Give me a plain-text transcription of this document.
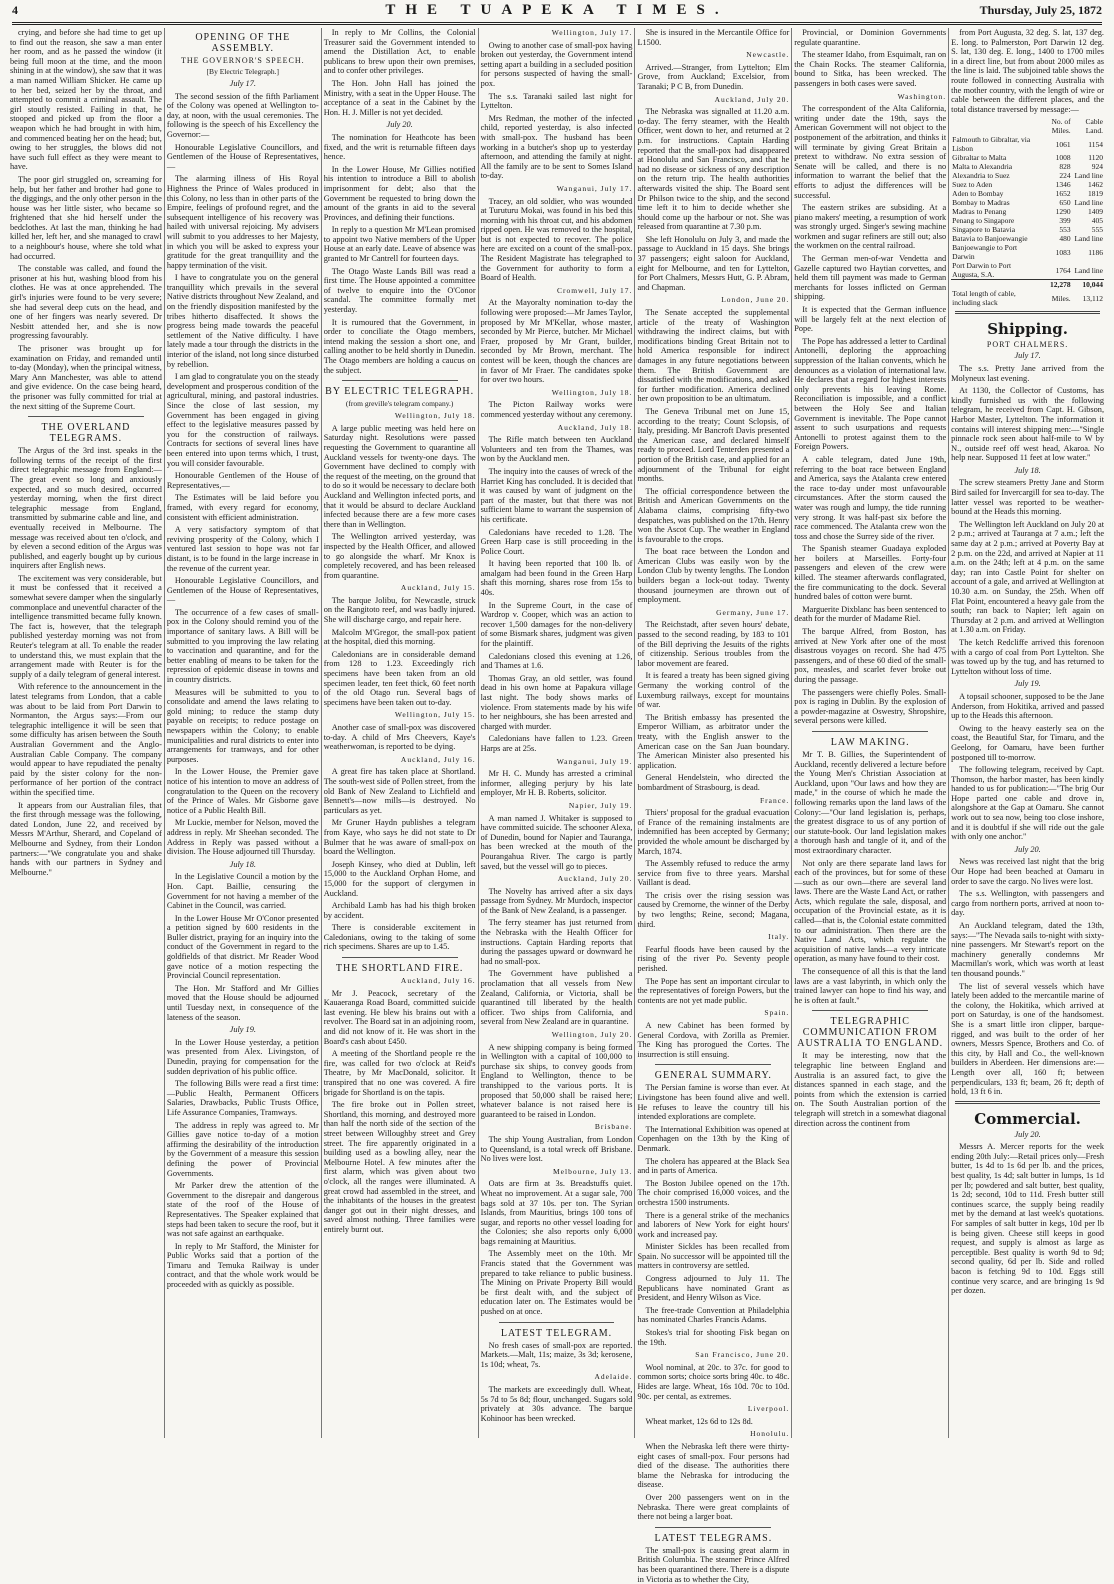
4	THE TUAPEKA TIMES.	Thursday, July 25, 1872

crying, and before she had time to get up to find out the reason, she saw a man enter her room, and as he passed the window (it being full moon at the time, and the moon shining in at the window), she saw that it was a man named William Shicker. He came up to her bed, seized her by the throat, and attempted to commit a criminal assault. The girl stoutly resisted. Failing in that, he stooped and picked up from the floor a weapon which he had brought in with him, and commenced beating her on the head; but, owing to her struggles, the blows did not have such full effect as they were meant to have.

The poor girl struggled on, screaming for help, but her father and brother had gone to the diggings, and the only other person in the house was her little sister, who became so frightened that she hid herself under the bedclothes. At last the man, thinking he had killed her, left her, and she managed to crawl to a neighbour's house, where she told what had occurred.

The constable was called, and found the prisoner at his hut, washing blood from his clothes. He was at once apprehended. The girl's injuries were found to be very severe; she had several deep cuts on the head, and one of her fingers was nearly severed. Dr Nesbitt attended her, and she is now progressing favourably.

The prisoner was brought up for examination on Friday, and remanded until to-day (Monday), when the principal witness, Mary Ann Manchester, was able to attend and give evidence. On the case being heard, the prisoner was fully committed for trial at the next sitting of the Supreme Court.

THE OVERLAND TELEGRAMS.

The Argus of the 3rd inst. speaks in the following terms of the receipt of the first direct telegraphic message from England:—The great event so long and anxiously expected, and so much desired, occurred yesterday morning, when the first direct telegraphic message from England, transmitted by submarine cable and line, and eventually received in Melbourne. The message was received about ten o'clock, and by eleven a second edition of the Argus was published, and eagerly bought up by curious inquirers after English news.

The excitement was very considerable, but it must be confessed that it received a somewhat severe damper when the singularly commonplace and uneventful character of the intelligence transmitted became fully known. The fact is, however, that the telegraph published yesterday morning was not from Reuter's telegram at all. To enable the reader to understand this, we must explain that the arrangement made with Reuter is for the supply of a daily telegram of general interest.

With reference to the announcement in the latest telegrams from London, that a cable was about to be laid from Port Darwin to Normanton, the Argus says:—From our telegraphic intelligence it will be seen that some difficulty has arisen between the South Australian Government and the Anglo-Australian Cable Company. The company would appear to have repudiated the penalty paid by the sister colony for the non-performance of her portion of the contract within the specified time.

It appears from our Australian files, that the first through message was the following, dated London, June 22, and received by Messrs M'Arthur, Sherard, and Copeland of Melbourne and Sydney, from their London partners:—"We congratulate you and shake hands with our partners in Sydney and Melbourne."

OPENING OF THE ASSEMBLY.
THE GOVERNOR'S SPEECH.
[By Electric Telegraph.]

July 17.

The second session of the fifth Parliament of the Colony was opened at Wellington to-day, at noon, with the usual ceremonies. The following is the speech of his Excellency the Governor:—

Honourable Legislative Councillors, and Gentlemen of the House of Representatives,—

The alarming illness of His Royal Highness the Prince of Wales produced in this Colony, no less than in other parts of the Empire, feelings of profound regret, and the subsequent intelligence of his recovery was hailed with universal rejoicing. My advisers will submit to you addresses to her Majesty, in which you will be asked to express your gratitude for the great tranquillity and the happy termination of the visit.

I have to congratulate you on the general tranquillity which prevails in the several Native districts throughout New Zealand, and on the friendly disposition manifested by the tribes hitherto disaffected. It shows the progress being made towards the peaceful settlement of the Native difficulty. I have lately made a tour through the districts in the interior of the island, not long since disturbed by rebellion.

I am glad to congratulate you on the steady development and prosperous condition of the agricultural, mining, and pastoral industries. Since the close of last session, my Government has been engaged in giving effect to the legislative measures passed by you for the construction of railways. Contracts for sections of several lines have been entered into upon terms which, I trust, you will consider favourable.

Honourable Gentlemen of the House of Representatives,—

The Estimates will be laid before you framed, with every regard for economy, consistent with efficient administration.

A very satisfactory symptom of that reviving prosperity of the Colony, which I ventured last session to hope was not far distant, is to be found in the large increase in the revenue of the current year.

Honourable Legislative Councillors, and Gentlemen of the House of Representatives,—

The occurrence of a few cases of small-pox in the Colony should remind you of the importance of sanitary laws. A Bill will be submitted to you improving the law relating to vaccination and quarantine, and for the better enabling of means to be taken for the repression of epidemic disease in towns and in country districts.

Measures will be submitted to you to consolidate and amend the laws relating to gold mining; to reduce the stamp duty payable on receipts; to reduce postage on newspapers within the Colony; to enable municipalities and rural districts to enter into arrangements for tramways, and for other purposes.

In the Lower House, the Premier gave notice of his intention to move an address of congratulation to the Queen on the recovery of the Prince of Wales. Mr Gisborne gave notice of a Public Health Bill.

Mr Luckie, member for Nelson, moved the address in reply. Mr Sheehan seconded. The Address in Reply was passed without a division. The House adjourned till Thursday.

July 18.

In the Legislative Council a motion by the Hon. Capt. Baillie, censuring the Government for not having a member of the Cabinet in the Council, was carried.

In the Lower House Mr O'Conor presented a petition signed by 600 residents in the Buller district, praying for an inquiry into the conduct of the Government in regard to the goldfields of that district. Mr Reader Wood gave notice of a motion respecting the Provincial Council representation.

The Hon. Mr Stafford and Mr Gillies moved that the House should be adjourned until Tuesday next, in consequence of the lateness of the season.

July 19.

In the Lower House yesterday, a petition was presented from Alex. Livingston, of Dunedin, praying for compensation for the sudden deprivation of his public office.

The following Bills were read a first time:—Public Health, Permanent Officers Salaries, Drawbacks, Public Trusts Office, Life Assurance Companies, Tramways.

The address in reply was agreed to. Mr Gillies gave notice to-day of a motion affirming the desirability of the introduction by the Government of a measure this session defining the power of Provincial Governments.

Mr Parker drew the attention of the Government to the disrepair and dangerous state of the roof of the House of Representatives. The Speaker explained that steps had been taken to secure the roof, but it was not safe against an earthquake.

In reply to Mr Stafford, the Minister for Public Works said that a portion of the Timaru and Temuka Railway is under contract, and that the whole work would be proceeded with as quickly as possible.

In reply to Mr Collins, the Colonial Treasurer said the Government intended to amend the Distillation Act, to enable publicans to brew upon their own premises, and to confer other privileges.

The Hon. John Hall has joined the Ministry, with a seat in the Upper House. The acceptance of a seat in the Cabinet by the Hon. H. J. Miller is not yet decided.

July 20.

The nomination for Heathcote has been fixed, and the writ is returnable fifteen days hence.

In the Lower House, Mr Gillies notified his intention to introduce a Bill to abolish imprisonment for debt; also that the Government be requested to bring down the amount of the grants in aid to the several Provinces, and defining their functions.

In reply to a question Mr M'Lean promised to appoint two Native members of the Upper House at an early date. Leave of absence was granted to Mr Cantrell for fourteen days.

The Otago Waste Lands Bill was read a first time. The House appointed a committee of twelve to enquire into the O'Conor scandal. The committee formally met yesterday.

It is rumoured that the Government, in order to conciliate the Otago members, intend making the session a short one, and calling another to be held shortly in Dunedin. The Otago members are holding a caucus on the subject.

BY ELECTRIC TELEGRAPH.
(from greville's telegram company.)

Wellington, July 18.

A large public meeting was held here on Saturday night. Resolutions were passed requesting the Government to quarantine all Auckland vessels for twenty-one days. The Government have declined to comply with the request of the meeting, on the ground that to do so it would be necessary to declare both Auckland and Wellington infected ports, and that it would be absurd to declare Auckland infected because there are a few more cases there than in Wellington.

The Wellington arrived yesterday, was inspected by the Health Officer, and allowed to go alongside the wharf. Mr Knox is completely recovered, and has been released from quarantine.

Auckland, July 15.

The barque Jolibu, for Newcastle, struck on the Rangitoto reef, and was badly injured. She will discharge cargo, and repair here.

Malcolm M'Gregor, the small-pox patient at the hospital, died this morning.

Caledonians are in considerable demand from 128 to 1.23. Exceedingly rich specimens have been taken from an old specimen leader, ten feet thick, 60 feet north of the old Otago run. Several bags of specimens have been taken out to-day.

Wellington, July 15.

Another case of small-pox was discovered to-day. A child of Mrs Cheevers, Kaye's weatherwoman, is reported to be dying.

Auckland, July 16.

A great fire has taken place at Shortland. The south-west side of Pollen street, from the old Bank of New Zealand to Lichfield and Bennett's—now mills—is destroyed. No particulars as yet.

Mr Gruner Haydn publishes a telegram from Kaye, who says he did not state to Dr Bulmer that he was aware of small-pox on board the Wellington.

Joseph Kinsey, who died at Dublin, left 15,000 to the Auckland Orphan Home, and 15,000 for the support of clergymen in Auckland.

Archibald Lamb has had his thigh broken by accident.

There is considerable excitement in Caledonians, owing to the taking of some rich specimens. Shares are up to 1.45.

THE SHORTLAND FIRE.

Auckland, July 16.

Mr J. Peacock, secretary of the Kauaeranga Road Board, committed suicide last evening. He blew his brains out with a revolver. The Board sat in an adjoining room, and did not know of it. He was short in the Board's cash about £450.

A meeting of the Shortland people re the fire, was called for two o'clock at Reid's Theatre, by Mr MacDonald, solicitor. It transpired that no one was covered. A fire brigade for Shortland is on the tapis.

The fire broke out in Pollen street, Shortland, this morning, and destroyed more than half the north side of the section of the street between Willoughby street and Grey street. The fire apparently originated in a building used as a bowling alley, near the Melbourne Hotel. A few minutes after the first alarm, which was given about two o'clock, all the ranges were illuminated. A great crowd had assembled in the street, and the inhabitants of the houses in the greatest danger got out in their night dresses, and saved almost nothing. Three families were entirely burnt out.

Wellington, July 17.

Owing to another case of small-pox having broken out yesterday, the Government intend setting apart a building in a secluded position for persons suspected of having the small-pox.

The s.s. Taranaki sailed last night for Lyttelton.

Mrs Redman, the mother of the infected child, reported yesterday, is also infected with small-pox. The husband has been working in a butcher's shop up to yesterday afternoon, and attending the family at night. All the family are to be sent to Somes Island to-day.

Wanganui, July 17.

Tracey, an old soldier, who was wounded at Turuturu Mokai, was found in his bed this morning with his throat cut, and his abdomen ripped open. He was removed to the hospital, but is not expected to recover. The police here are excited on a count of the small-pox. The Resident Magistrate has telegraphed to the Government for authority to form a Board of Health.

Cromwell, July 17.

At the Mayoralty nomination to-day the following were proposed:—Mr James Taylor, proposed by Mr M'Kellar, whose master, seconded by Mr Pierce, butcher. Mr Michael Fraer, proposed by Mr Grant, builder, seconded by Mr Brown, merchant. The contest will be keen, though the chances are in favor of Mr Fraer. The candidates spoke for over two hours.

Wellington, July 18.

The Picton Railway works were commenced yesterday without any ceremony.

Auckland, July 18.

The Rifle match between ten Auckland Volunteers and ten from the Thames, was won by the Auckland men.

The inquiry into the causes of wreck of the Harriet King has concluded. It is decided that it was caused by want of judgment on the part of the master, but that there was not sufficient blame to warrant the suspension of his certificate.

Caledonians have receded to 1.28. The Green Harp case is still proceeding in the Police Court.

It having been reported that 100 lb. of amalgam had been found in the Green Harp shaft this morning, shares rose from 15s to 40s.

In the Supreme Court, in the case of Wardrop v. Cooper, which was an action to recover 1,500 damages for the non-delivery of some Bismark shares, judgment was given for the plaintiff.

Caledonians closed this evening at 1.26, and Thames at 1.6.

Thomas Gray, an old settler, was found dead in his own home at Papakura village last night. The body shows marks of violence. From statements made by his wife to her neighbours, she has been arrested and charged with murder.

Caledonians have fallen to 1.23. Green Harps are at 25s.

Wanganui, July 19.

Mr H. C. Mundy has arrested a criminal informer, alleging perjury by his late employer, Mr H. B. Roberts, solicitor.

Napier, July 19.

A man named J. Whitaker is supposed to have committed suicide. The schooner Alexa, of Dunedin, bound for Napier and Tauranga, has been wrecked at the mouth of the Pourangahua River. The cargo is partly saved, but the vessel will go to pieces.

Auckland, July 20.

The Novelty has arrived after a six days passage from Sydney. Mr Murdoch, inspector of the Bank of New Zealand, is a passenger.

The ferry steamer has just returned from the Nebraska with the Health Officer for instructions. Captain Harding reports that during the passages upward or downward he had no small-pox.

The Government have published a proclamation that all vessels from New Zealand, California, or Victoria, shall be quarantined till liberated by the health officer. Two ships from California, and several from New Zealand are in quarantine.

Wellington, July 20.

A new shipping company is being formed in Wellington with a capital of 100,000 to purchase six ships, to convey goods from England to Wellington, thence to be transhipped to the various ports. It is proposed that 50,000 shall be raised here; whatever balance is not raised here is guaranteed to be raised in London.

Brisbane.

The ship Young Australian, from London to Queensland, is a total wreck off Brisbane. No lives were lost.

Melbourne, July 13.

Oats are firm at 3s. Breadstuffs quiet. Wheat no improvement. At a sugar sale, 700 bags sold at 37 10s. per ton. The Syrian Islands, from Mauritius, brings 100 tons of sugar, and reports no other vessel loading for the Colonies; she also reports only 6,000 bags remaining at Mauritius.

The Assembly meet on the 10th. Mr Francis stated that the Government was prepared to take reliance to public business. The Mining on Private Property Bill would be first dealt with, and the subject of education later on. The Estimates would be pushed on at once.

LATEST TELEGRAM.

No fresh cases of small-pox are reported. Markets.—Malt, 11s; maize, 3s 3d; kerosene, 1s 10d; wheat, 7s.

Adelaide.

The markets are exceedingly dull. Wheat, 5s 7d to 5s 8d; flour, unchanged. Sugars sold privately at 30s advance. The barque Kohinoor has been wrecked.

She is insured in the Mercantile Office for L1500.

Newcastle.

Arrived.—Stranger, from Lyttelton; Elm Grove, from Auckland; Excelsior, from Taranaki; P C B, from Dunedin.

Auckland, July 20.

The Nebraska was signalled at 11.20 a.m. to-day. The ferry steamer, with the Health Officer, went down to her, and returned at 2 p.m. for instructions. Captain Harding reported that the small-pox had disappeared at Honolulu and San Francisco, and that he had no disease or sickness of any description on the return trip. The health authorities afterwards visited the ship. The Board sent Dr Philson twice to the ship, and the second time left it to him to decide whether she should come up the harbour or not. She was released from quarantine at 7.30 p.m.

She left Honolulu on July 3, and made the passage to Auckland in 15 days. She brings 37 passengers; eight saloon for Auckland, eight for Melbourne, and ten for Lyttelton, for Port Chalmers, Messrs Hutt, G. P. Abram, and Chapman.

London, June 20.

The Senate accepted the supplemental article of the treaty of Washington withdrawing the indirect claims, but with modifications binding Great Britain not to hold America responsible for indirect damages in any future negotiations between them. The British Government are dissatisfied with the modifications, and asked for further modification. America declined her own proposition to be an ultimatum.

The Geneva Tribunal met on June 15, according to the treaty; Count Sclopsis, of Italy, presiding. Mr Bancroft Davis presented the American case, and declared himself ready to proceed. Lord Tenterden presented a portion of the British case, and applied for an adjournment of the Tribunal for eight months.

The official correspondence between the British and American Governments on the Alabama claims, comprising fifty-two despatches, was published on the 17th. Henry won the Ascot Cup. The weather in England is favourable to the crops.

The boat race between the London and American Clubs was easily won by the London Club by twenty lengths. The London builders began a lock-out today. Twenty thousand journeymen are thrown out of employment.

Germany, June 17.

The Reichstadt, after seven hours' debate, passed to the second reading, by 183 to 101 of the Bill depriving the Jesuits of the rights of citizenship. Serious troubles from the labor movement are feared.

It is feared a treaty has been signed giving Germany the working control of the Luxemburg railways, except for mountains of war.

The British embassy has presented the Emperor William, as arbitrator under the treaty, with the English answer to the American case on the San Juan boundary. The American Minister also presented his application.

General Hendelstein, who directed the bombardment of Strasbourg, is dead.

France.

Thiers' proposal for the gradual evacuation of France of the remaining instalments are indemnified has been accepted by Germany; provided the whole amount be discharged by March, 1874.

The Assembly refused to reduce the army service from five to three years. Marshal Vaillant is dead.

The crisis over the rising session was caused by Cremorne, the winner of the Derby by two lengths; Reine, second; Magana, third.

Italy.

Fearful floods have been caused by the rising of the river Po. Seventy people perished.

The Pope has sent an important circular to the representatives of foreign Powers, but the contents are not yet made public.

Spain.

A new Cabinet has been formed by General Cordova, with Zorilla as Premier. The King has prorogued the Cortes. The insurrection is still ensuing.

GENERAL SUMMARY.

The Persian famine is worse than ever. At Livingstone has been found alive and well. He refuses to leave the country till his intended explorations are complete.

The International Exhibition was opened at Copenhagen on the 13th by the King of Denmark.

The cholera has appeared at the Black Sea and in parts of America.

The Boston Jubilee opened on the 17th. The choir comprised 16,000 voices, and the orchestra 1500 instruments.

There is a general strike of the mechanics and laborers of New York for eight hours' work and increased pay.

Minister Sickles has been recalled from Spain. No successor will be appointed till the matters in controversy are settled.

Congress adjourned to July 11. The Republicans have nominated Grant as President, and Henry Wilson as Vice.

The free-trade Convention at Philadelphia has nominated Charles Francis Adams.

Stokes's trial for shooting Fisk began on the 19th.

San Francisco, June 20.

Wool nominal, at 20c. to 37c. for good to common sorts; choice sorts bring 40c. to 48c. Hides are large. Wheat, 16s 10d. 70c to 10d. 90c. per cental, as extremes.

Liverpool.

Wheat market, 12s 6d to 12s 8d.

Honolulu.

When the Nebraska left there were thirty-eight cases of small-pox. Four persons had died of the disease. The authorities there blame the Nebraska for introducing the disease.

Over 200 passengers went on in the Nebraska. There were great complaints of there not being a larger boat.

LATEST TELEGRAMS.

The small-pox is causing great alarm in British Columbia. The steamer Prince Alfred has been quarantined there. There is a dispute in Victoria as to whether the City,

Provincial, or Dominion Governments regulate quarantine.

The steamer Idaho, from Esquimalt, ran on the Chain Rocks. The steamer California, bound to Sitka, has been wrecked. The passengers in both cases were saved.

Washington.

The correspondent of the Alta California, writing under date the 19th, says the American Government will not object to the postponement of the arbitration, and thinks it will terminate by giving Great Britain a pretext to withdraw. No extra session of Senate will be called, and there is no information to warrant the belief that the efforts to adjust the differences will be successful.

The eastern strikes are subsiding. At a piano makers' meeting, a resumption of work was strongly urged. Singer's sewing machine workmen and sugar refiners are still out; also the workmen on the central railroad.

The German men-of-war Vendetta and Gazelle captured two Haytian corvettes, and held them till payment was made to German merchants for losses inflicted on German shipping.

It is expected that the German influence will be largely felt at the next election of Pope.

The Pope has addressed a letter to Cardinal Antonelli, deploring the approaching suppression of the Italian convents, which he denounces as a violation of international law. He declares that a regard for highest interests only prevents his leaving Rome. Reconciliation is impossible, and a conflict between the Holy See and Italian Government is inevitable. The Pope cannot assent to such usurpations and requests Antonelli to protest against them to the Foreign Powers.

A cable telegram, dated June 19th, referring to the boat race between England and America, says the Atalanta crew entered the race to-day under most unfavourable circumstances. After the storm caused the water was rough and lumpy, the tide running very strong. It was half-past six before the race commenced. The Atalanta crew won the toss and chose the Surrey side of the river.

The Spanish steamer Guadaya exploded her boilers at Marseilles. Forty-four passengers and eleven of the crew were killed. The steamer afterwards conflagrated, the fire communicating to the dock. Several hundred bales of cotton were burnt.

Marguerite Dixblanc has been sentenced to death for the murder of Madame Riel.

The barque Alfred, from Boston, has arrived at New York after one of the most disastrous voyages on record. She had 475 passengers, and of these 60 died of the small-pox, measles, and scarlet fever broke out during the passage.

The passengers were chiefly Poles. Small-pox is raging in Dublin. By the explosion of a powder-magazine at Oswestry, Shropshire, several persons were killed.

LAW MAKING.

Mr T. B. Gillies, the Superintendent of Auckland, recently delivered a lecture before the Young Men's Christian Association at Auckland, upon "Our laws and how they are made," in the course of which he made the following remarks upon the land laws of the Colony:—"Our land legislation is, perhaps, the greatest disgrace to us of any portion of our statute-book. Our land legislation makes a thorough hash and tangle of it, and of the most extraordinary character.

Not only are there separate land laws for each of the provinces, but for some of these—such as our own—there are several land laws. There are the Waste Land Act, or rather Acts, which regulate the sale, disposal, and occupation of the Provincial estate, as it is called—that is, the Colonial estate committed to our administration. Then there are the Native Land Acts, which regulate the acquisition of native lands—a very intricate operation, as many have found to their cost.

The consequence of all this is that the land laws are a vast labyrinth, in which only the trained lawyer can hope to find his way, and he is often at fault."

TELEGRAPHIC COMMUNICATION FROM AUSTRALIA TO ENGLAND.

It may be interesting, now that the telegraphic line between England and Australia is an assured fact, to give the distances spanned in each stage, and the points from which the extension is carried on. The South Australian portion of the telegraph will stretch in a somewhat diagonal direction across the continent from

from Port Augusta, 32 deg. S. lat, 137 deg. E. long. to Palmerston, Port Darwin 12 deg. S. lat, 130 deg. E. long., 1400 to 1700 miles in a direct line, but from about 2000 miles as the line is laid. The subjoined table shows the route followed in connecting Australia with the mother country, with the length of wire or cable between the different places, and the total distance traversed by message:—

	No. of Miles.	Cable Land.
Falmouth to Gibraltar, via Lisbon	1061	1154
Gibraltar to Malta	1008	1120
Malta to Alexandria	828	924
Alexandria to Suez	224	Land line
Suez to Aden	1346	1462
Aden to Bombay	1652	1819
Bombay to Madras	650	Land line
Madras to Penang	1290	1409
Penang to Singapore	399	405
Singapore to Batavia	553	555
Batavia to Banjoewangie	480	Land line
Banjoewangie to Port Darwin	1083	1186
Port Darwin to Port Augusta, S.A.	1764	Land line
	12,278	10,044
Total length of cable, including slack	Miles.	13,112
Shipping.
PORT CHALMERS.

July 17.

The s.s. Pretty Jane arrived from the Molyneux last evening.

At 1130, the Collector of Customs, has kindly furnished us with the following telegram, he received from Capt. H. Gibson, Harbor Master, Lyttelton. The information it contains will interest shipping men:—"Single pinnacle rock seen about half-mile to W by N., outside reef off west head, Akaroa. No help near. Supposed 11 feet at low water."

July 18.

The screw steamers Pretty Jane and Storm Bird sailed for Invercargill for sea to-day. The latter vessel was reported to be weather-bound at the Heads this morning.

The Wellington left Auckland on July 20 at 2 p.m.; arrived at Tauranga at 7 a.m.; left the same day at 2 p.m.; arrived at Poverty Bay at 2 p.m. on the 22d, and arrived at Napier at 11 a.m. on the 24th; left at 4 p.m. on the same day; ran into Castle Point for shelter on account of a gale, and arrived at Wellington at 10.30 a.m. on Sunday, the 25th. When off Flat Point, encountered a heavy gale from the south; ran back to Napier; left again on Thursday at 2 p.m. and arrived at Wellington at 1.30 a.m. on Friday.

The ketch Redcliffe arrived this forenoon with a cargo of coal from Port Lyttelton. She was towed up by the tug, and has returned to Lyttelton without loss of time.

July 19.

A topsail schooner, supposed to be the Jane Anderson, from Hokitika, arrived and passed up to the Heads this afternoon.

Owing to the heavy easterly sea on the coast, the Beautiful Star, for Timaru, and the Geelong, for Oamaru, have been further postponed till to-morrow.

The following telegram, received by Capt. Thomson, the harbor master, has been kindly handed to us for publication:—"The brig Our Hope parted one cable and drove in, alongshore at the Gap at Oamaru. She cannot work out to sea now, being too close inshore, and it is doubtful if she will ride out the gale with only one anchor."

July 20.

News was received last night that the brig Our Hope had been beached at Oamaru in order to save the cargo. No lives were lost.

The s.s. Wellington, with passengers and cargo from northern ports, arrived at noon to-day.

An Auckland telegram, dated the 13th, says:—"The Nevada sails to-night with sixty-nine passengers. Mr Stewart's report on the machinery generally condemns Mr Macmillan's work, which was worth at least ten thousand pounds."

The list of several vessels which have lately been added to the mercantile marine of the colony, the Hokitika, which arrived at port on Saturday, is one of the handsomest. She is a smart little iron clipper, barque-rigged, and was built to the order of her owners, Messrs Spence, Brothers and Co. of this city, by Hall and Co., the well-known builders in Aberdeen. Her dimensions are:—Length over all, 160 ft; between perpendiculars, 133 ft; beam, 26 ft; depth of hold, 13 ft 6 in.

Commercial.

July 20.

Messrs A. Mercer reports for the week ending 20th July:—Retail prices only—Fresh butter, 1s 4d to 1s 6d per lb. and the prices, best quality, 1s 4d; salt butter in lumps, 1s 1d per lb; powdered and salt butter, best quality, 1s 2d; second, 10d to 11d. Fresh butter still continues scarce, the supply being readily met by the demand at last week's quotations. For samples of salt butter in kegs, 10d per lb is being given. Cheese still keeps in good request, and supply is almost as large as perceptible. Best quality is worth 9d to 9d; second quality, 6d per lb. Side and rolled bacon is fetching 9d to 10d. Eggs still continue very scarce, and are bringing 1s 9d per dozen.
